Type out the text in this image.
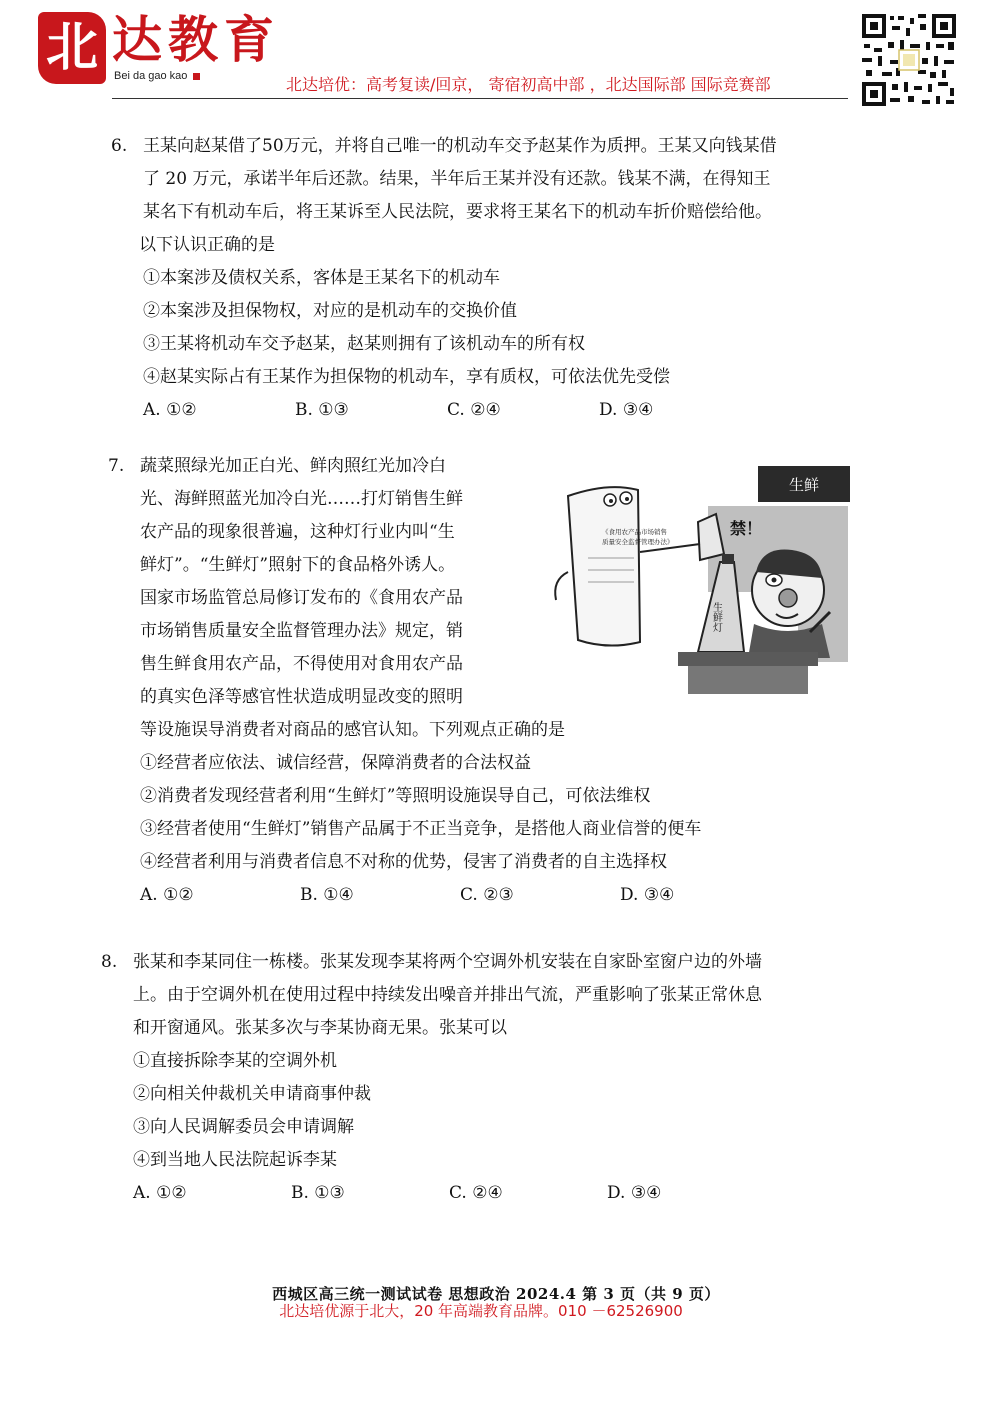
北 达教育
Bei da gao kao	北达培优：高考复读/回京， 寄宿初高中部 ，北达国际部 国际竞赛部
6. 王某向赵某借了50万元，并将自己唯一的机动车交予赵某作为质押。王某又向钱某借

了 20 万元，承诺半年后还款。结果，半年后王某并没有还款。钱某不满，在得知王

某名下有机动车后，将王某诉至人民法院，要求将王某名下的机动车折价赔偿给他。

以下认识正确的是

①本案涉及债权关系，客体是王某名下的机动车

②本案涉及担保物权，对应的是机动车的交换价值

③王某将机动车交予赵某，赵某则拥有了该机动车的所有权

④赵某实际占有王某作为担保物的机动车，享有质权，可依法优先受偿

A. ①②	B. ①③	C. ②④	D. ③④
7. 蔬菜照绿光加正白光、鲜肉照红光加冷白

光、海鲜照蓝光加冷白光……打灯销售生鲜

农产品的现象很普遍，这种灯行业内叫“生

鲜灯”。“生鲜灯”照射下的食品格外诱人。

国家市场监管总局修订发布的《食用农产品

市场销售质量安全监督管理办法》规定，销

售生鲜食用农产品，不得使用对食用农产品

的真实色泽等感官性状造成明显改变的照明

等设施误导消费者对商品的感官认知。下列观点正确的是

①经营者应依法、诚信经营，保障消费者的合法权益

②消费者发现经营者利用“生鲜灯”等照明设施误导自己，可依法维权

③经营者使用“生鲜灯”销售产品属于不正当竞争，是搭他人商业信誉的便车

④经营者利用与消费者信息不对称的优势，侵害了消费者的自主选择权

A. ①②	B. ①④	C. ②③	D. ③④
生鲜
《食用农产品市场销售
质量安全监督管理办法》
禁！
生鲜灯
8. 张某和李某同住一栋楼。张某发现李某将两个空调外机安装在自家卧室窗户边的外墙

上。由于空调外机在使用过程中持续发出噪音并排出气流，严重影响了张某正常休息

和开窗通风。张某多次与李某协商无果。张某可以

①直接拆除李某的空调外机

②向相关仲裁机关申请商事仲裁

③向人民调解委员会申请调解

④到当地人民法院起诉李某

A. ①②	B. ①③	C. ②④	D. ③④
西城区高三统一测试试卷 思想政治 2024.4 第 3 页（共 9 页）
北达培优源于北大，20 年高端教育品牌。010 －62526900
